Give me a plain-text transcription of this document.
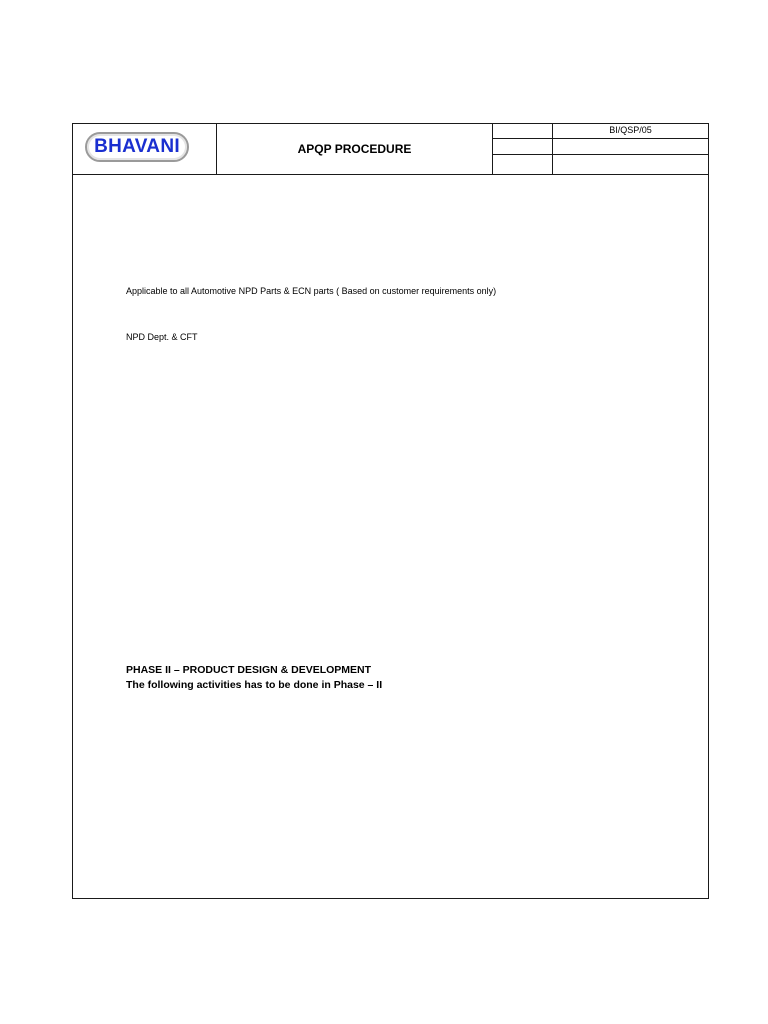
BHAVANI	APQP PROCEDURE
BI/QSP/05
Applicable to all Automotive NPD Parts & ECN parts ( Based on customer requirements only)
NPD Dept. & CFT
PHASE II – PRODUCT DESIGN & DEVELOPMENT
The following activities has to be done in Phase – II
